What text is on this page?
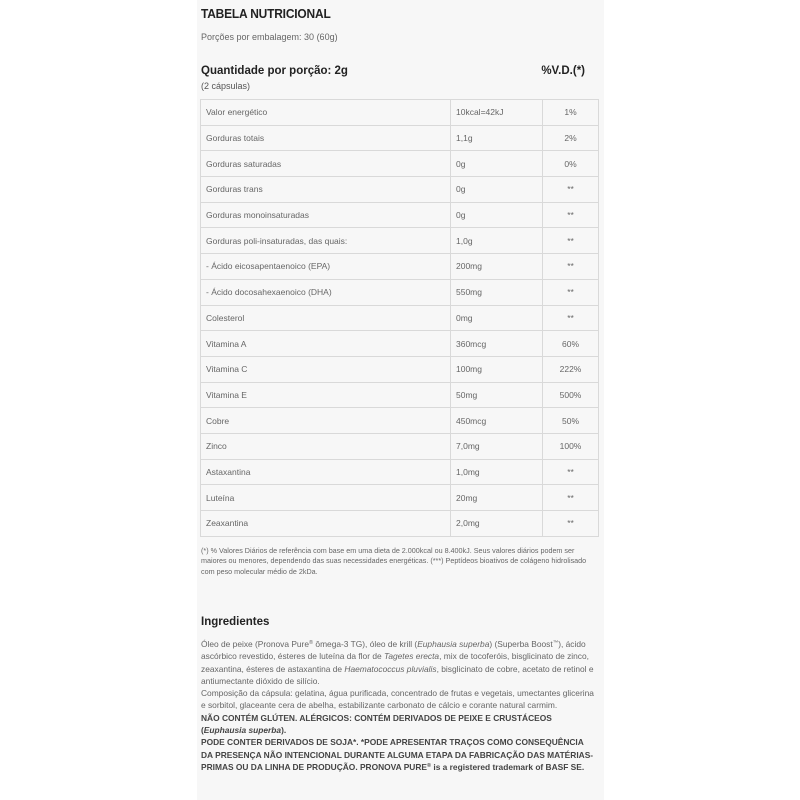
TABELA NUTRICIONAL
Porções por embalagem: 30 (60g)
Quantidade por porção: 2g	%V.D.(*)
(2 cápsulas)
Valor energético	10kcal=42kJ	1%
Gorduras totais	1,1g	2%
Gorduras saturadas	0g	0%
Gorduras trans	0g	**
Gorduras monoinsaturadas	0g	**
Gorduras poli-insaturadas, das quais:	1,0g	**
- Ácido eicosapentaenoico (EPA)	200mg	**
- Ácido docosahexaenoico (DHA)	550mg	**
Colesterol	0mg	**
Vitamina A	360mcg	60%
Vitamina C	100mg	222%
Vitamina E	50mg	500%
Cobre	450mcg	50%
Zinco	7,0mg	100%
Astaxantina	1,0mg	**
Luteína	20mg	**
Zeaxantina	2,0mg	**
(*) % Valores Diários de referência com base em uma dieta de 2.000kcal ou 8.400kJ. Seus valores diários podem ser maiores ou menores, dependendo das suas necessidades energéticas. (***) Peptídeos bioativos de colágeno hidrolisado com peso molecular médio de 2kDa.
Ingredientes
Óleo de peixe (Pronova Pure® ômega-3 TG), óleo de krill (Euphausia superba) (Superba Boost™), ácido ascórbico revestido, ésteres de luteína da flor de Tagetes erecta, mix de tocoferóis, bisglicinato de zinco, zeaxantina, ésteres de astaxantina de Haematococcus pluvialis, bisglicinato de cobre, acetato de retinol e antiumectante dióxido de silício.
Composição da cápsula: gelatina, água purificada, concentrado de frutas e vegetais, umectantes glicerina e sorbitol, glaceante cera de abelha, estabilizante carbonato de cálcio e corante natural carmim.
NÃO CONTÉM GLÚTEN. ALÉRGICOS: CONTÉM DERIVADOS DE PEIXE E CRUSTÁCEOS (Euphausia superba).
PODE CONTER DERIVADOS DE SOJA*. *PODE APRESENTAR TRAÇOS COMO CONSEQUÊNCIA DA PRESENÇA NÃO INTENCIONAL DURANTE ALGUMA ETAPA DA FABRICAÇÃO DAS MATÉRIAS-PRIMAS OU DA LINHA DE PRODUÇÃO. PRONOVA PURE® is a registered trademark of BASF SE.
